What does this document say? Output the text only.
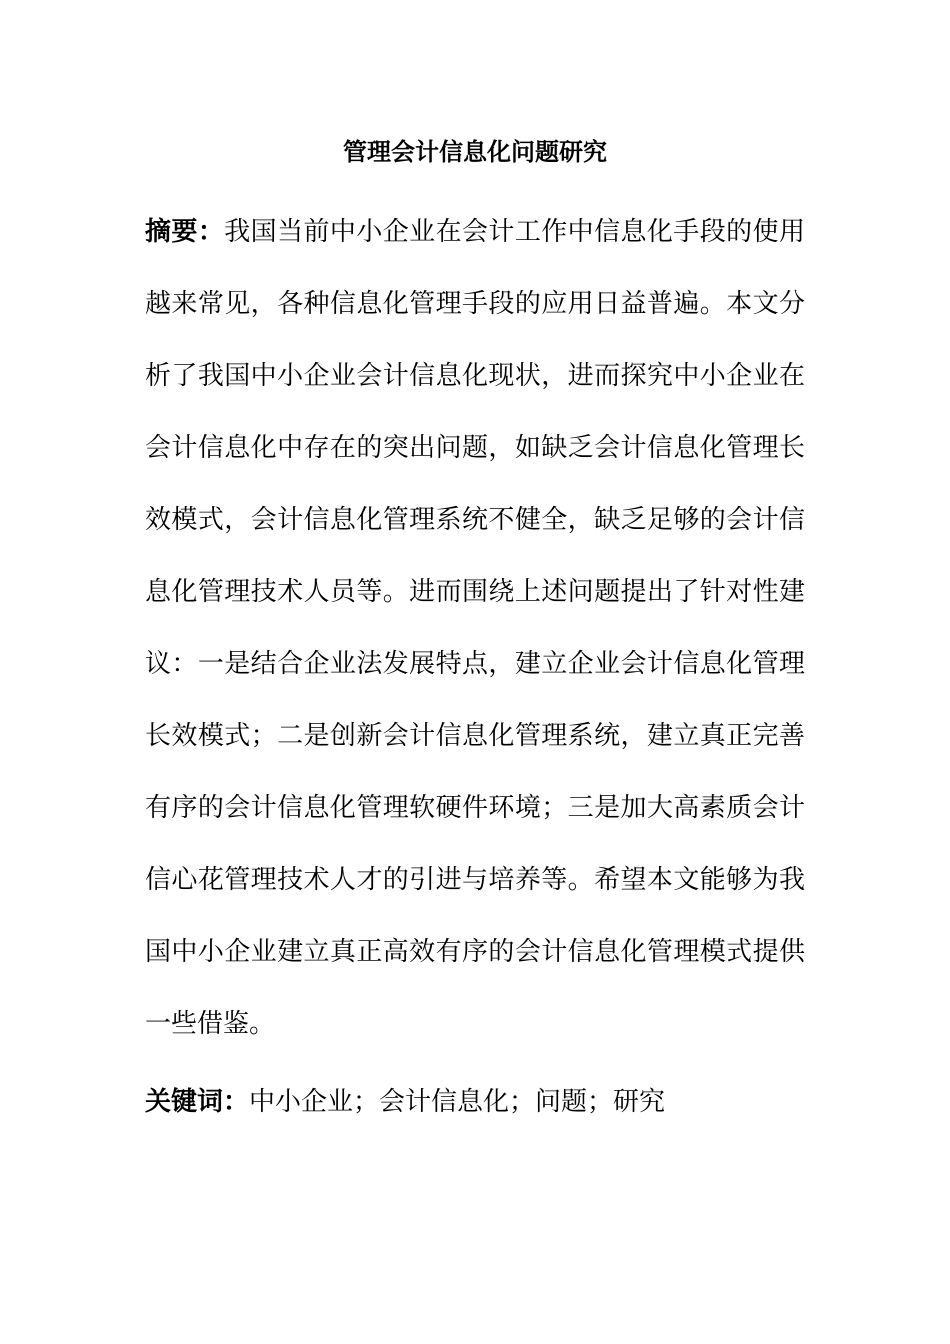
管理会计信息化问题研究

摘要：我国当前中小企业在会计工作中信息化手段的使用越来常见，各种信息化管理手段的应用日益普遍。本文分析了我国中小企业会计信息化现状，进而探究中小企业在会计信息化中存在的突出问题，如缺乏会计信息化管理长效模式，会计信息化管理系统不健全，缺乏足够的会计信息化管理技术人员等。进而围绕上述问题提出了针对性建议：一是结合企业法发展特点，建立企业会计信息化管理长效模式；二是创新会计信息化管理系统，建立真正完善有序的会计信息化管理软硬件环境；三是加大高素质会计信心花管理技术人才的引进与培养等。希望本文能够为我国中小企业建立真正高效有序的会计信息化管理模式提供一些借鉴。

关键词：中小企业；会计信息化；问题；研究
